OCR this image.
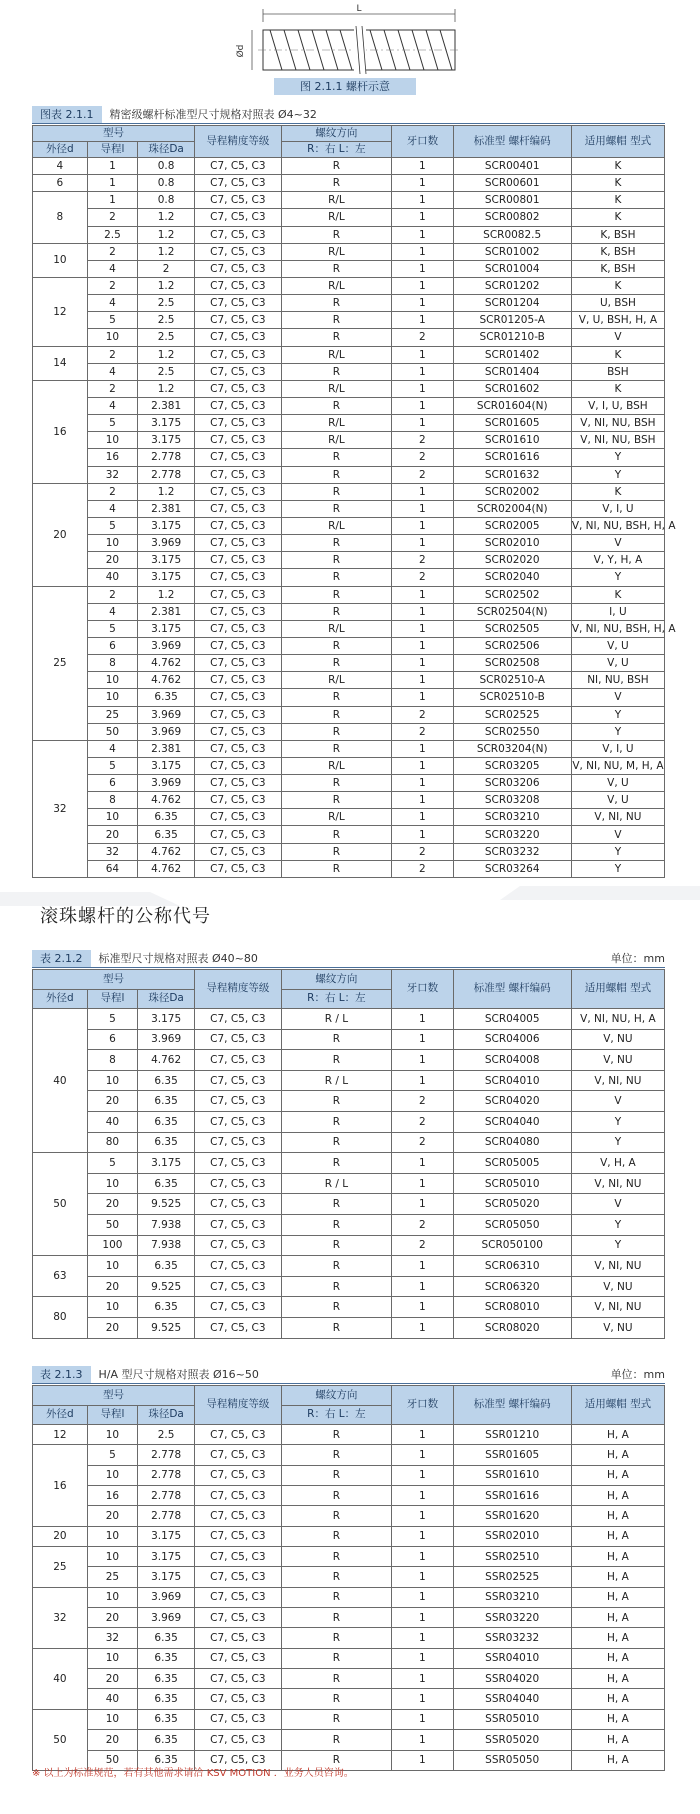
L
Ød
图 2.1.1 螺杆示意
图表 2.1.1 精密级螺杆标准型尺寸规格对照表 Ø4~32
型号			导程精度等级	螺纹方向	牙口数	标准型 螺杆编码	适用螺帽 型式
外径d	导程l	珠径Da		R：右 L：左			
4	1	0.8	C7, C5, C3	R	1	SCR00401	K
6	1	0.8	C7, C5, C3	R	1	SCR00601	K
8	1	0.8	C7, C5, C3	R/L	1	SCR00801	K
	2	1.2	C7, C5, C3	R/L	1	SCR00802	K
	2.5	1.2	C7, C5, C3	R	1	SCR0082.5	K, BSH
10	2	1.2	C7, C5, C3	R/L	1	SCR01002	K, BSH
	4	2	C7, C5, C3	R	1	SCR01004	K, BSH
12	2	1.2	C7, C5, C3	R/L	1	SCR01202	K
	4	2.5	C7, C5, C3	R	1	SCR01204	U, BSH
	5	2.5	C7, C5, C3	R	1	SCR01205-A	V, U, BSH, H, A
	10	2.5	C7, C5, C3	R	2	SCR01210-B	V
14	2	1.2	C7, C5, C3	R/L	1	SCR01402	K
	4	2.5	C7, C5, C3	R	1	SCR01404	BSH
16	2	1.2	C7, C5, C3	R/L	1	SCR01602	K
	4	2.381	C7, C5, C3	R	1	SCR01604(N)	V, I, U, BSH
	5	3.175	C7, C5, C3	R/L	1	SCR01605	V, NI, NU, BSH
	10	3.175	C7, C5, C3	R/L	2	SCR01610	V, NI, NU, BSH
	16	2.778	C7, C5, C3	R	2	SCR01616	Y
	32	2.778	C7, C5, C3	R	2	SCR01632	Y
20	2	1.2	C7, C5, C3	R	1	SCR02002	K
	4	2.381	C7, C5, C3	R	1	SCR02004(N)	V, I, U
	5	3.175	C7, C5, C3	R/L	1	SCR02005	V, NI, NU, BSH, H, A
	10	3.969	C7, C5, C3	R	1	SCR02010	V
	20	3.175	C7, C5, C3	R	2	SCR02020	V, Y, H, A
	40	3.175	C7, C5, C3	R	2	SCR02040	Y
25	2	1.2	C7, C5, C3	R	1	SCR02502	K
	4	2.381	C7, C5, C3	R	1	SCR02504(N)	I, U
	5	3.175	C7, C5, C3	R/L	1	SCR02505	V, NI, NU, BSH, H, A
	6	3.969	C7, C5, C3	R	1	SCR02506	V, U
	8	4.762	C7, C5, C3	R	1	SCR02508	V, U
	10	4.762	C7, C5, C3	R/L	1	SCR02510-A	NI, NU, BSH
	10	6.35	C7, C5, C3	R	1	SCR02510-B	V
	25	3.969	C7, C5, C3	R	2	SCR02525	Y
	50	3.969	C7, C5, C3	R	2	SCR02550	Y
32	4	2.381	C7, C5, C3	R	1	SCR03204(N)	V, I, U
	5	3.175	C7, C5, C3	R/L	1	SCR03205	V, NI, NU, M, H, A
	6	3.969	C7, C5, C3	R	1	SCR03206	V, U
	8	4.762	C7, C5, C3	R	1	SCR03208	V, U
	10	6.35	C7, C5, C3	R/L	1	SCR03210	V, NI, NU
	20	6.35	C7, C5, C3	R	1	SCR03220	V
	32	4.762	C7, C5, C3	R	2	SCR03232	Y
	64	4.762	C7, C5, C3	R	2	SCR03264	Y
滚珠螺杆的公称代号
表 2.1.2 标准型尺寸规格对照表 Ø40~80	单位：mm
型号			导程精度等级	螺纹方向	牙口数	标准型 螺杆编码	适用螺帽 型式
外径d	导程l	珠径Da		R：右 L：左			
40	5	3.175	C7, C5, C3	R / L	1	SCR04005	V, NI, NU, H, A
	6	3.969	C7, C5, C3	R	1	SCR04006	V, NU
	8	4.762	C7, C5, C3	R	1	SCR04008	V, NU
	10	6.35	C7, C5, C3	R / L	1	SCR04010	V, NI, NU
	20	6.35	C7, C5, C3	R	2	SCR04020	V
	40	6.35	C7, C5, C3	R	2	SCR04040	Y
	80	6.35	C7, C5, C3	R	2	SCR04080	Y
50	5	3.175	C7, C5, C3	R	1	SCR05005	V, H, A
	10	6.35	C7, C5, C3	R / L	1	SCR05010	V, NI, NU
	20	9.525	C7, C5, C3	R	1	SCR05020	V
	50	7.938	C7, C5, C3	R	2	SCR05050	Y
	100	7.938	C7, C5, C3	R	2	SCR050100	Y
63	10	6.35	C7, C5, C3	R	1	SCR06310	V, NI, NU
	20	9.525	C7, C5, C3	R	1	SCR06320	V, NU
80	10	6.35	C7, C5, C3	R	1	SCR08010	V, NI, NU
	20	9.525	C7, C5, C3	R	1	SCR08020	V, NU
表 2.1.3 H/A 型尺寸规格对照表 Ø16~50	单位：mm
型号			导程精度等级	螺纹方向	牙口数	标准型 螺杆编码	适用螺帽 型式
外径d	导程l	珠径Da		R：右 L：左			
12	10	2.5	C7, C5, C3	R	1	SSR01210	H, A
16	5	2.778	C7, C5, C3	R	1	SSR01605	H, A
	10	2.778	C7, C5, C3	R	1	SSR01610	H, A
	16	2.778	C7, C5, C3	R	1	SSR01616	H, A
	20	2.778	C7, C5, C3	R	1	SSR01620	H, A
20	10	3.175	C7, C5, C3	R	1	SSR02010	H, A
25	10	3.175	C7, C5, C3	R	1	SSR02510	H, A
	25	3.175	C7, C5, C3	R	1	SSR02525	H, A
32	10	3.969	C7, C5, C3	R	1	SSR03210	H, A
	20	3.969	C7, C5, C3	R	1	SSR03220	H, A
	32	6.35	C7, C5, C3	R	1	SSR03232	H, A
40	10	6.35	C7, C5, C3	R	1	SSR04010	H, A
	20	6.35	C7, C5, C3	R	1	SSR04020	H, A
	40	6.35	C7, C5, C3	R	1	SSR04040	H, A
50	10	6.35	C7, C5, C3	R	1	SSR05010	H, A
	20	6.35	C7, C5, C3	R	1	SSR05020	H, A
	50	6.35	C7, C5, C3	R	1	SSR05050	H, A
※ 以上为标准规范，若有其他需求请洽 KSV MOTION ．业务人员咨询。
